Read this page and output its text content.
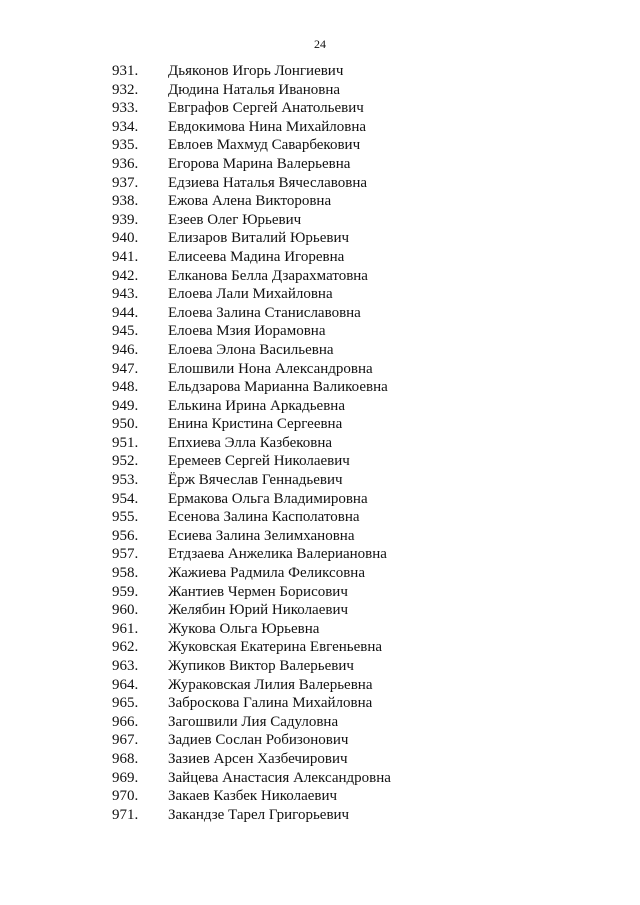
24
931. Дьяконов Игорь Лонгиевич
932. Дюдина Наталья Ивановна
933. Евграфов Сергей Анатольевич
934. Евдокимова Нина Михайловна
935. Евлоев Махмуд Саварбекович
936. Егорова Марина Валерьевна
937. Едзиева Наталья Вячеславовна
938. Ежова Алена Викторовна
939. Езеев Олег Юрьевич
940. Елизаров Виталий Юрьевич
941. Елисеева Мадина Игоревна
942. Елканова Белла Дзарахматовна
943. Елоева Лали Михайловна
944. Елоева Залина Станиславовна
945. Елоева Мзия Иорамовна
946. Елоева Элона Васильевна
947. Елошвили Нона Александровна
948. Ельдзарова Марианна Валикоевна
949. Елькина Ирина Аркадьевна
950. Енина Кристина Сергеевна
951. Епхиева Элла Казбековна
952. Еремеев Сергей Николаевич
953. Ёрж Вячеслав Геннадьевич
954. Ермакова Ольга Владимировна
955. Есенова Залина Касполатовна
956. Есиева Залина Зелимхановна
957. Етдзаева Анжелика Валериановна
958. Жажиева Радмила Феликсовна
959. Жантиев Чермен Борисович
960. Желябин Юрий Николаевич
961. Жукова Ольга Юрьевна
962. Жуковская Екатерина Евгеньевна
963. Жупиков Виктор Валерьевич
964. Жураковская Лилия Валерьевна
965. Заброскова Галина Михайловна
966. Загошвили Лия Садуловна
967. Задиев Сослан Робизонович
968. Зазиев Арсен Хазбечирович
969. Зайцева Анастасия Александровна
970. Закаев Казбек Николаевич
971. Закандзе Тарел Григорьевич
